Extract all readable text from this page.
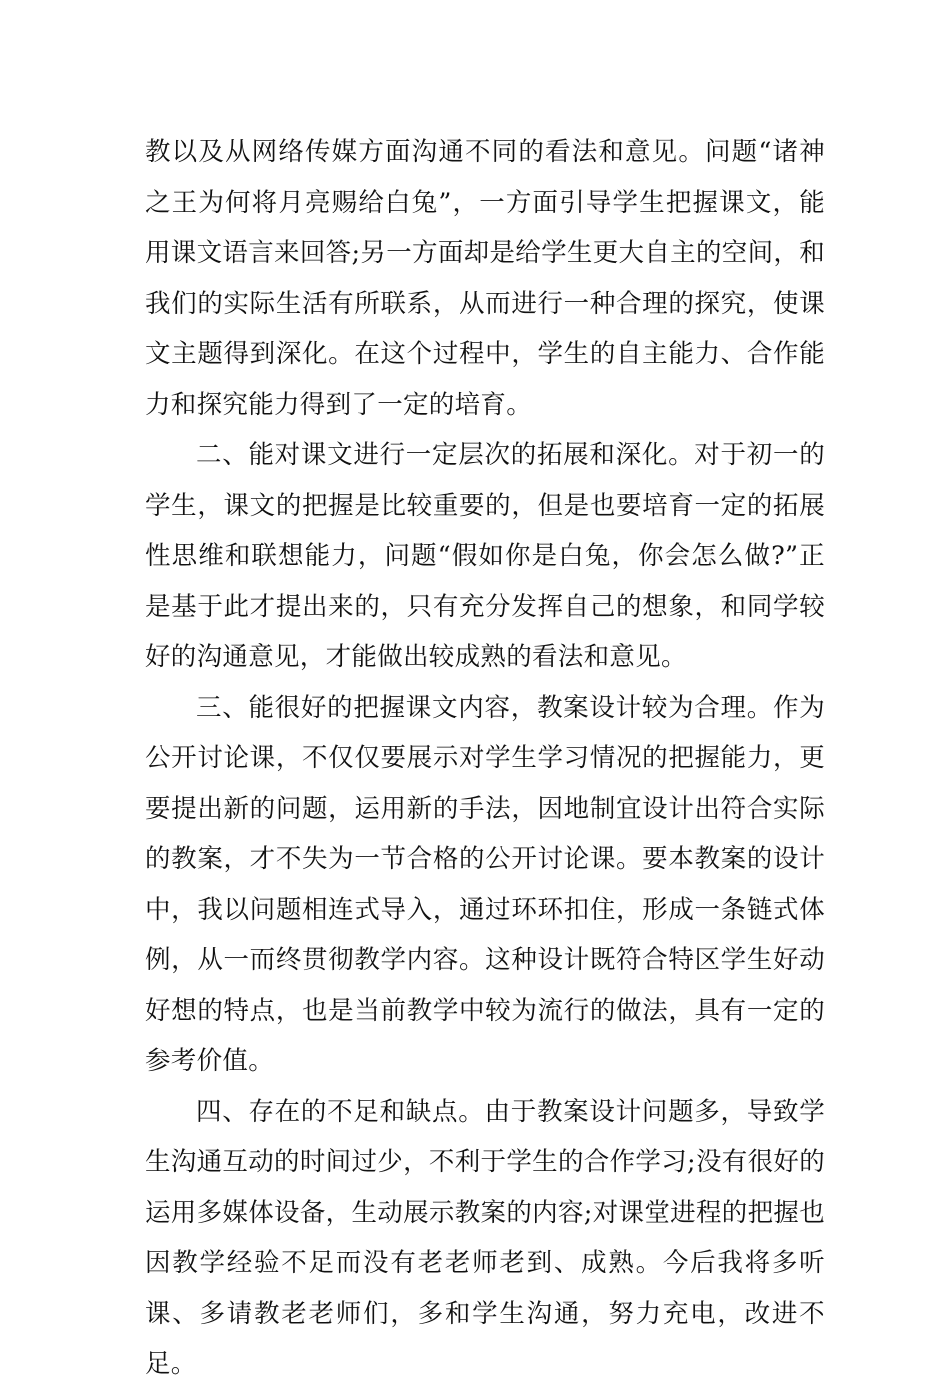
教以及从网络传媒方面沟通不同的看法和意见。问题“诸神之王为何将月亮赐给白兔”，一方面引导学生把握课文，能用课文语言来回答;另一方面却是给学生更大自主的空间，和我们的实际生活有所联系，从而进行一种合理的探究，使课文主题得到深化。在这个过程中，学生的自主能力、合作能力和探究能力得到了一定的培育。

二、能对课文进行一定层次的拓展和深化。对于初一的学生，课文的把握是比较重要的，但是也要培育一定的拓展性思维和联想能力，问题“假如你是白兔，你会怎么做?”正是基于此才提出来的，只有充分发挥自己的想象，和同学较好的沟通意见，才能做出较成熟的看法和意见。

三、能很好的把握课文内容，教案设计较为合理。作为公开讨论课，不仅仅要展示对学生学习情况的把握能力，更要提出新的问题，运用新的手法，因地制宜设计出符合实际的教案，才不失为一节合格的公开讨论课。要本教案的设计中，我以问题相连式导入，通过环环扣住，形成一条链式体例，从一而终贯彻教学内容。这种设计既符合特区学生好动好想的特点，也是当前教学中较为流行的做法，具有一定的参考价值。

四、存在的不足和缺点。由于教案设计问题多，导致学生沟通互动的时间过少，不利于学生的合作学习;没有很好的运用多媒体设备，生动展示教案的内容;对课堂进程的把握也因教学经验不足而没有老老师老到、成熟。今后我将多听课、多请教老老师们，多和学生沟通，努力充电，改进不足。
